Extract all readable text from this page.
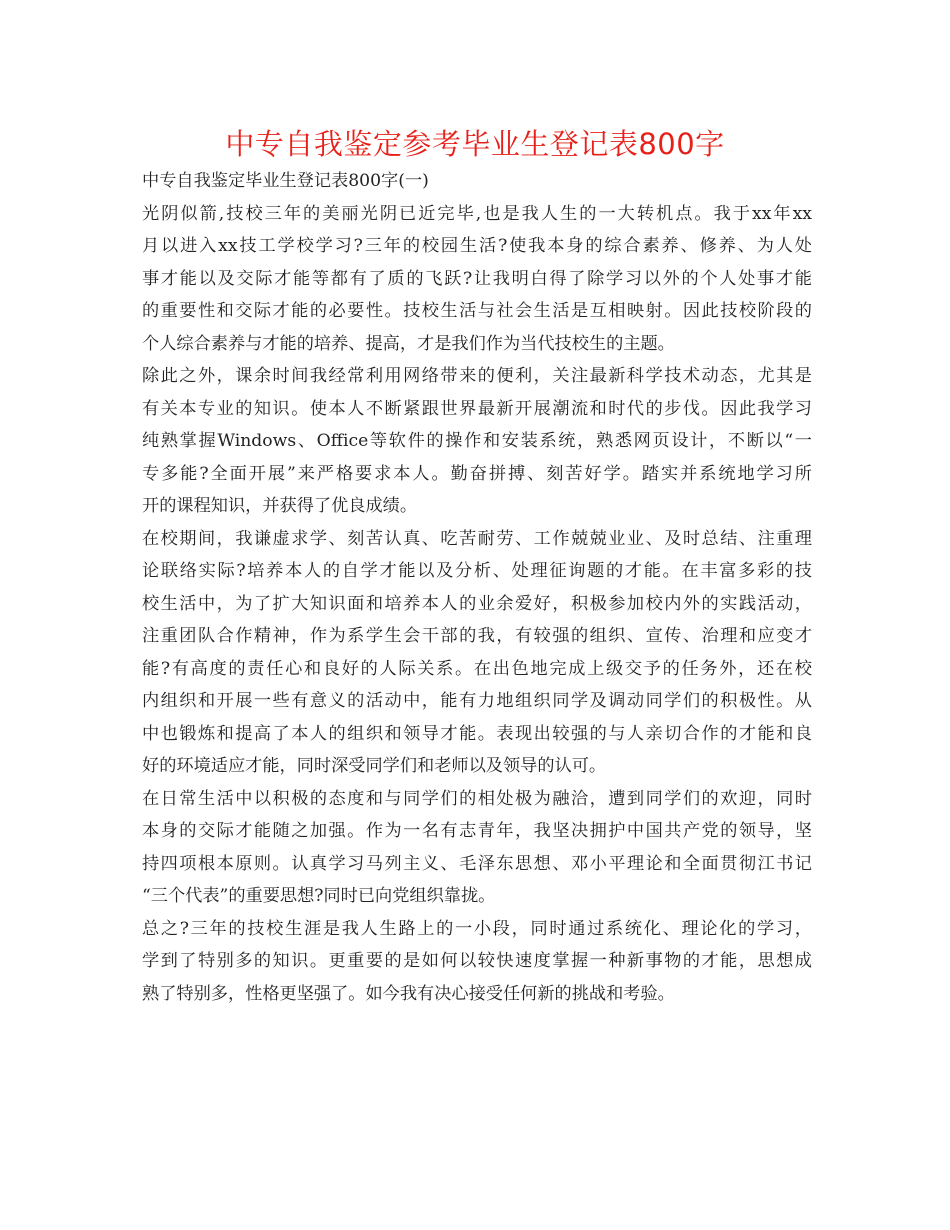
中专自我鉴定参考毕业生登记表800字
中专自我鉴定毕业生登记表800字(一)
光阴似箭,技校三年的美丽光阴已近完毕,也是我人生的一大转机点。我于xx年xx
月以进入xx技工学校学习?三年的校园生活?使我本身的综合素养、修养、为人处
事才能以及交际才能等都有了质的飞跃?让我明白得了除学习以外的个人处事才能
的重要性和交际才能的必要性。技校生活与社会生活是互相映射。因此技校阶段的
个人综合素养与才能的培养、提高，才是我们作为当代技校生的主题。
除此之外，课余时间我经常利用网络带来的便利，关注最新科学技术动态，尤其是
有关本专业的知识。使本人不断紧跟世界最新开展潮流和时代的步伐。因此我学习
纯熟掌握Windows、Office等软件的操作和安装系统，熟悉网页设计，不断以“一
专多能?全面开展”来严格要求本人。勤奋拼搏、刻苦好学。踏实并系统地学习所
开的课程知识，并获得了优良成绩。
在校期间，我谦虚求学、刻苦认真、吃苦耐劳、工作兢兢业业、及时总结、注重理
论联络实际?培养本人的自学才能以及分析、处理征询题的才能。在丰富多彩的技
校生活中，为了扩大知识面和培养本人的业余爱好，积极参加校内外的实践活动，
注重团队合作精神，作为系学生会干部的我，有较强的组织、宣传、治理和应变才
能?有高度的责任心和良好的人际关系。在出色地完成上级交予的任务外，还在校
内组织和开展一些有意义的活动中，能有力地组织同学及调动同学们的积极性。从
中也锻炼和提高了本人的组织和领导才能。表现出较强的与人亲切合作的才能和良
好的环境适应才能，同时深受同学们和老师以及领导的认可。
在日常生活中以积极的态度和与同学们的相处极为融洽，遭到同学们的欢迎，同时
本身的交际才能随之加强。作为一名有志青年，我坚决拥护中国共产党的领导，坚
持四项根本原则。认真学习马列主义、毛泽东思想、邓小平理论和全面贯彻江书记
“三个代表”的重要思想?同时已向党组织靠拢。
总之?三年的技校生涯是我人生路上的一小段，同时通过系统化、理论化的学习，
学到了特别多的知识。更重要的是如何以较快速度掌握一种新事物的才能，思想成
熟了特别多，性格更坚强了。如今我有决心接受任何新的挑战和考验。
